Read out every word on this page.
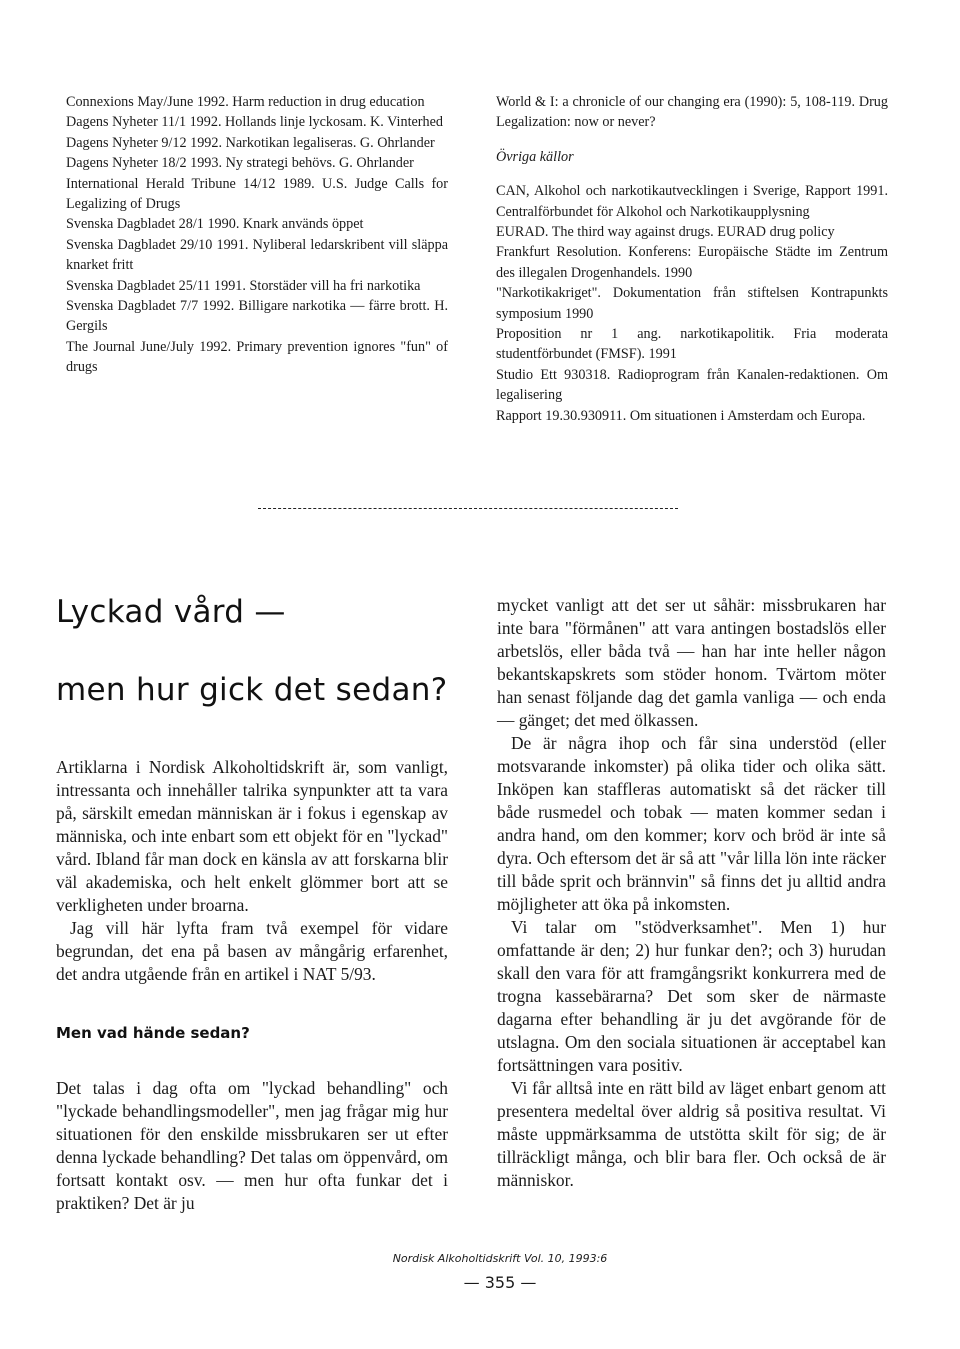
Connexions May/June 1992. Harm reduction in drug education

Dagens Nyheter 11/1 1992. Hollands linje lyckosam. K. Vinterhed

Dagens Nyheter 9/12 1992. Narkotikan legaliseras. G. Ohrlander

Dagens Nyheter 18/2 1993. Ny strategi behövs. G. Ohrlander

International Herald Tribune 14/12 1989. U.S. Judge Calls for Legalizing of Drugs

Svenska Dagbladet 28/1 1990. Knark används öppet

Svenska Dagbladet 29/10 1991. Nyliberal ledarskribent vill släppa knarket fritt

Svenska Dagbladet 25/11 1991. Storstäder vill ha fri narkotika

Svenska Dagbladet 7/7 1992. Billigare narkotika — färre brott. H. Gergils

The Journal June/July 1992. Primary prevention ignores "fun" of drugs

World & I: a chronicle of our changing era (1990): 5, 108-119. Drug Legalization: now or never?

Övriga källor

CAN, Alkohol och narkotikautvecklingen i Sverige, Rapport 1991. Centralförbundet för Alkohol och Narkotikaupplysning

EURAD. The third way against drugs. EURAD drug policy

Frankfurt Resolution. Konferens: Europäische Städte im Zentrum des illegalen Drogenhandels. 1990

"Narkotikakriget". Dokumentation från stiftelsen Kontrapunkts symposium 1990

Proposition nr 1 ang. narkotikapolitik. Fria moderata studentförbundet (FMSF). 1991

Studio Ett 930318. Radioprogram från Kanalen-redaktionen. Om legalisering

Rapport 19.30.930911. Om situationen i Amsterdam och Europa.

Lyckad vård —
men hur gick det sedan?

Artiklarna i Nordisk Alkoholtidskrift är, som vanligt, intressanta och innehåller talrika synpunkter att ta vara på, särskilt emedan människan är i fokus i egenskap av människa, och inte enbart som ett objekt för en "lyckad" vård. Ibland får man dock en känsla av att forskarna blir väl akademiska, och helt enkelt glömmer bort att se verkligheten under broarna.

Jag vill här lyfta fram två exempel för vidare begrundan, det ena på basen av mångårig erfarenhet, det andra utgående från en artikel i NAT 5/93.

Men vad hände sedan?

Det talas i dag ofta om "lyckad behandling" och "lyckade behandlingsmodeller", men jag frågar mig hur situationen för den enskilde missbrukaren ser ut efter denna lyckade behandling? Det talas om öppenvård, om fortsatt kontakt osv. — men hur ofta funkar det i praktiken? Det är ju

mycket vanligt att det ser ut såhär: missbrukaren har inte bara "förmånen" att vara antingen bostadslös eller arbetslös, eller båda två — han har inte heller någon bekantskapskrets som stöder honom. Tvärtom möter han senast följande dag det gamla vanliga — och enda — gänget; det med ölkassen.

De är några ihop och får sina understöd (eller motsvarande inkomster) på olika tider och olika sätt. Inköpen kan staffleras automatiskt så det räcker till både rusmedel och tobak — maten kommer sedan i andra hand, om den kommer; korv och bröd är inte så dyra. Och eftersom det är så att "vår lilla lön inte räcker till både sprit och brännvin" så finns det ju alltid andra möjligheter att öka på inkomsten.

Vi talar om "stödverksamhet". Men 1) hur omfattande är den; 2) hur funkar den?; och 3) hurudan skall den vara för att framgångsrikt konkurrera med de trogna kassebärarna? Det som sker de närmaste dagarna efter behandling är ju det avgörande för de utslagna. Om den sociala situationen är acceptabel kan fortsättningen vara positiv.

Vi får alltså inte en rätt bild av läget enbart genom att presentera medeltal över aldrig så positiva resultat. Vi måste uppmärksamma de utstötta skilt för sig; de är tillräckligt många, och blir bara fler. Och också de är människor.

Nordisk Alkoholtidskrift Vol. 10, 1993:6
— 355 —
